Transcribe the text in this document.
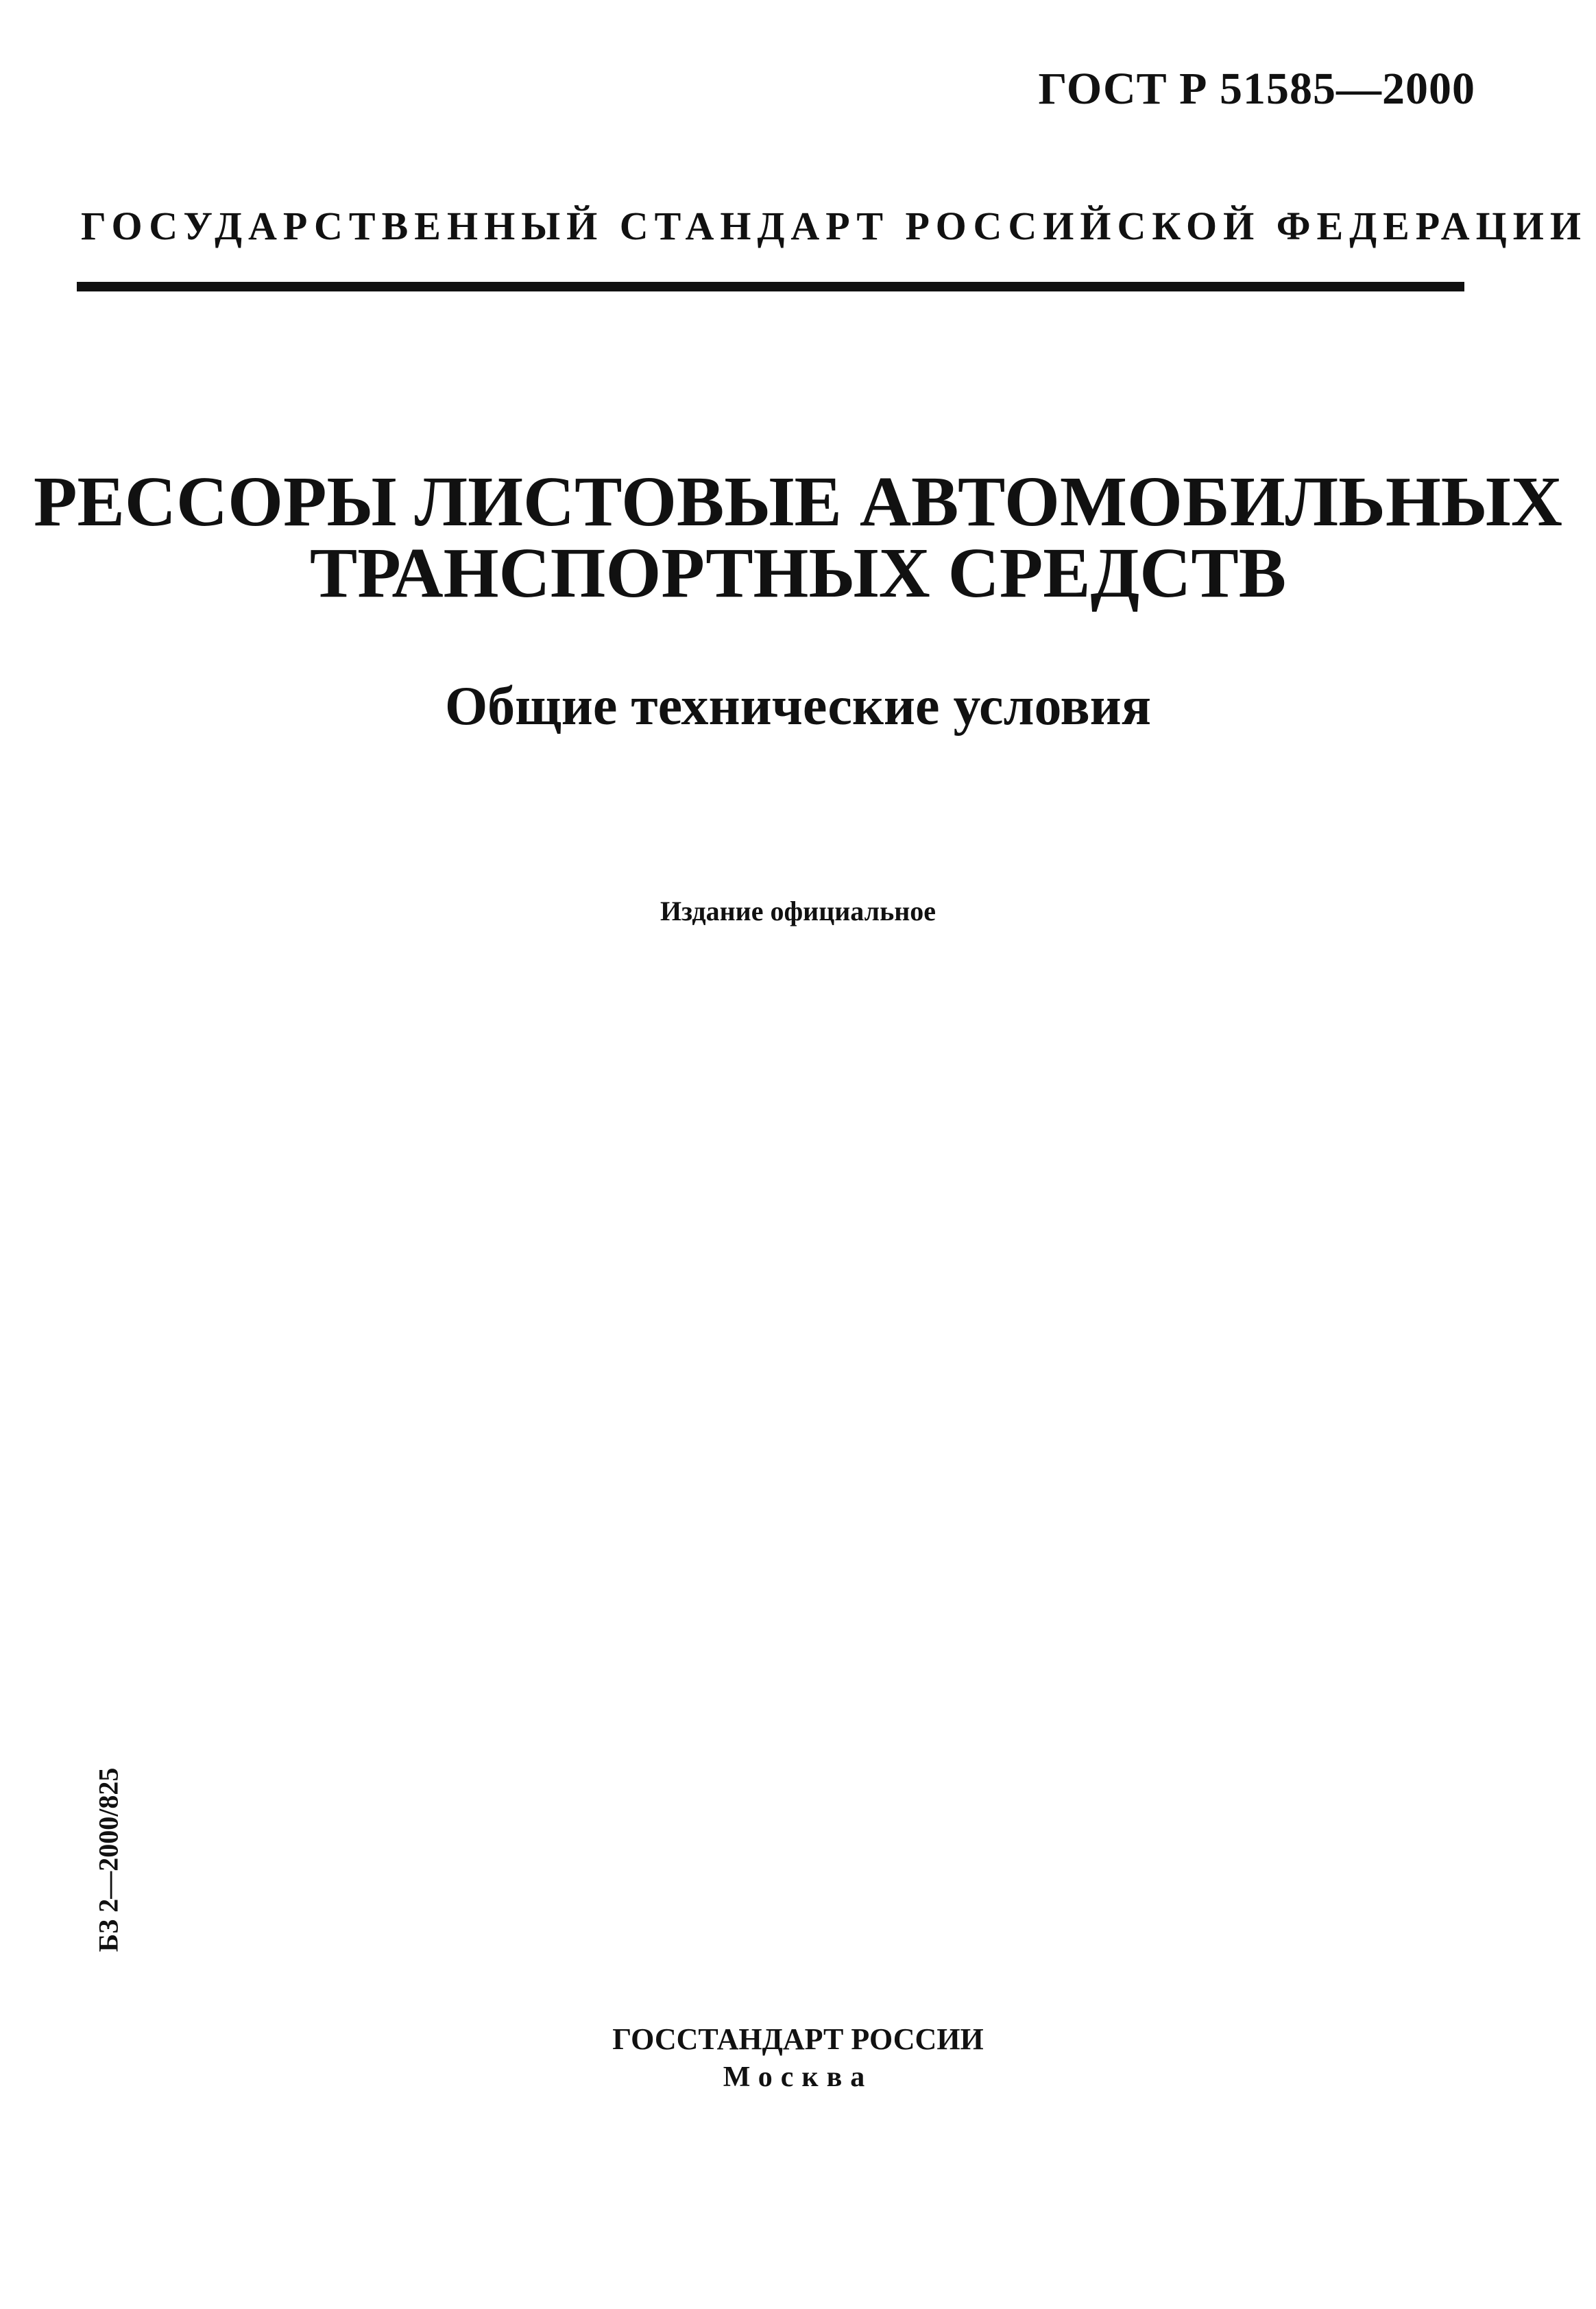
ГОСТ Р 51585—2000
ГОСУДАРСТВЕННЫЙ СТАНДАРТ РОССИЙСКОЙ ФЕДЕРАЦИИ
РЕССОРЫ ЛИСТОВЫЕ АВТОМОБИЛЬНЫХ
ТРАНСПОРТНЫХ СРЕДСТВ
Общие технические условия
Издание официальное
БЗ 2—2000/825
ГОССТАНДАРТ РОССИИ
Москва
